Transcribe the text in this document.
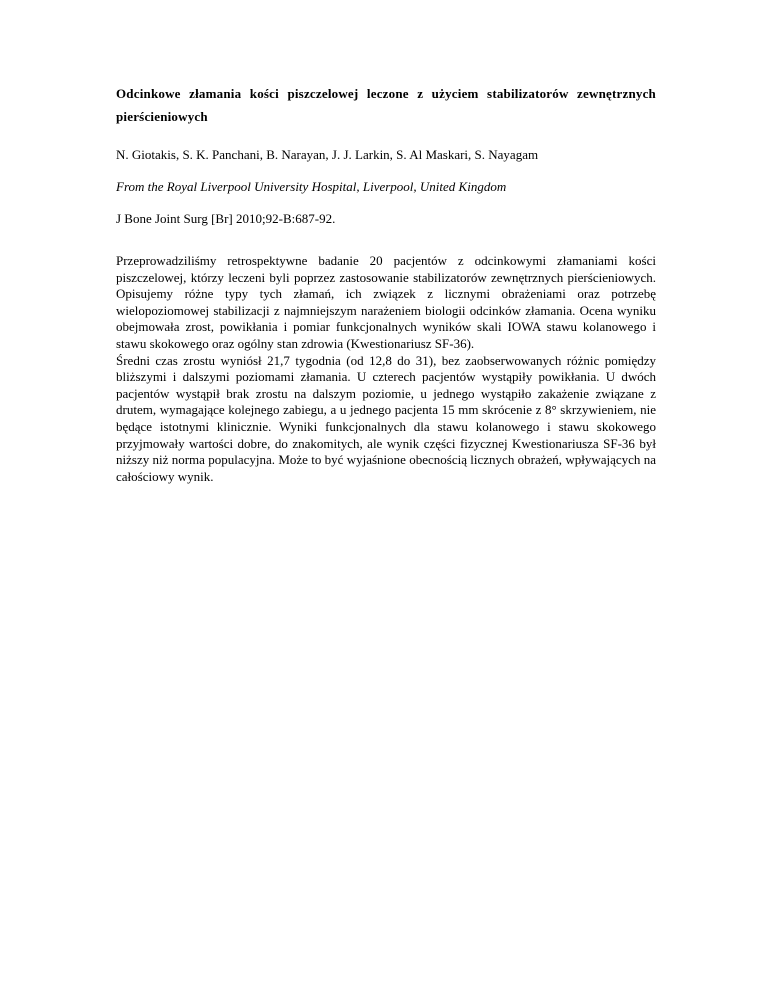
Odcinkowe złamania kości piszczelowej leczone z użyciem stabilizatorów zewnętrznych pierścieniowych

N. Giotakis, S. K. Panchani, B. Narayan, J. J. Larkin, S. Al Maskari, S. Nayagam

From the Royal Liverpool University Hospital, Liverpool, United Kingdom

J Bone Joint Surg [Br] 2010;92-B:687-92.

Przeprowadziliśmy retrospektywne badanie 20 pacjentów z odcinkowymi złamaniami kości piszczelowej, którzy leczeni byli poprzez zastosowanie stabilizatorów zewnętrznych pierścieniowych. Opisujemy różne typy tych złamań, ich związek z licznymi obrażeniami oraz potrzebę wielopoziomowej stabilizacji z najmniejszym narażeniem biologii odcinków złamania. Ocena wyniku obejmowała zrost, powikłania i pomiar funkcjonalnych wyników skali IOWA stawu kolanowego i stawu skokowego oraz ogólny stan zdrowia (Kwestionariusz SF-36).

Średni czas zrostu wyniósł 21,7 tygodnia (od 12,8 do 31), bez zaobserwowanych różnic pomiędzy bliższymi i dalszymi poziomami złamania. U czterech pacjentów wystąpiły powikłania. U dwóch pacjentów wystąpił brak zrostu na dalszym poziomie, u jednego wystąpiło zakażenie związane z drutem, wymagające kolejnego zabiegu, a u jednego pacjenta 15 mm skrócenie z 8° skrzywieniem, nie będące istotnymi klinicznie. Wyniki funkcjonalnych dla stawu kolanowego i stawu skokowego przyjmowały wartości dobre, do znakomitych, ale wynik części fizycznej Kwestionariusza SF-36 był niższy niż norma populacyjna. Może to być wyjaśnione obecnością licznych obrażeń, wpływających na całościowy wynik.
